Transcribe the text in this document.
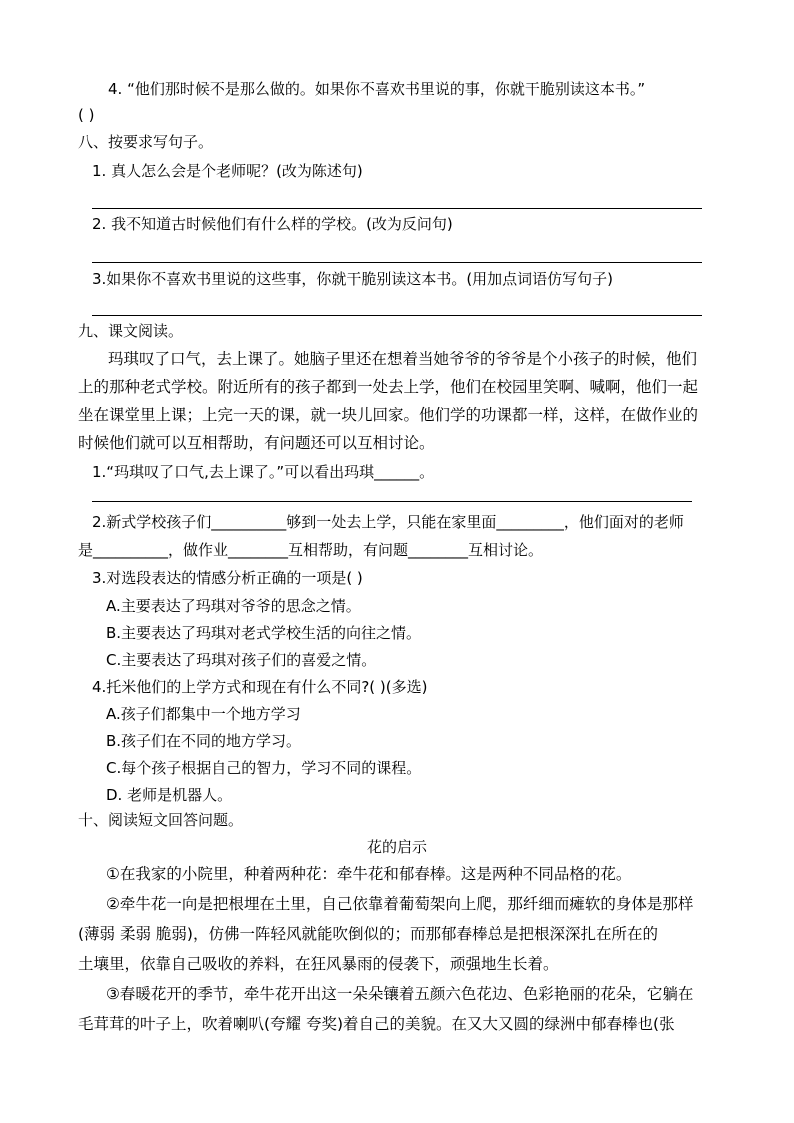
4. “他们那时候不是那么做的。如果你不喜欢书里说的事，你就干脆别读这本书。”
( )
八、按要求写句子。
1. 真人怎么会是个老师呢？(改为陈述句)
2. 我不知道古时候他们有什么样的学校。(改为反问句)
3.如果你不喜欢书里说的这些事，你就干脆别读这本书。(用加点词语仿写句子)
九、课文阅读。
玛琪叹了口气，去上课了。她脑子里还在想着当她爷爷的爷爷是个小孩子的时候，他们
上的那种老式学校。附近所有的孩子都到一处去上学，他们在校园里笑啊、喊啊，他们一起
坐在课堂里上课；上完一天的课，就一块儿回家。他们学的功课都一样，这样，在做作业的
时候他们就可以互相帮助，有问题还可以互相讨论。
1.“玛琪叹了口气,去上课了。”可以看出玛琪______。
2.新式学校孩子们__________够到一处去上学，只能在家里面_________，他们面对的老师
是__________，做作业________互相帮助，有问题________互相讨论。
3.对选段表达的情感分析正确的一项是( )
A.主要表达了玛琪对爷爷的思念之情。
B.主要表达了玛琪对老式学校生活的向往之情。
C.主要表达了玛琪对孩子们的喜爱之情。
4.托米他们的上学方式和现在有什么不同?( )(多选)
A.孩子们都集中一个地方学习
B.孩子们在不同的地方学习。
C.每个孩子根据自己的智力，学习不同的课程。
D. 老师是机器人。
十、阅读短文回答问题。
花的启示
①在我家的小院里，种着两种花：牵牛花和郁春棒。这是两种不同品格的花。
②牵牛花一向是把根埋在土里，自己依靠着葡萄架向上爬，那纤细而瘫软的身体是那样
(薄弱 柔弱 脆弱)，仿佛一阵轻风就能吹倒似的；而那郁春棒总是把根深深扎在所在的
土壤里，依靠自己吸收的养料，在狂风暴雨的侵袭下，顽强地生长着。
③春暖花开的季节，牵牛花开出这一朵朵镶着五颜六色花边、色彩艳丽的花朵，它躺在
毛茸茸的叶子上，吹着喇叭(夸耀 夸奖)着自己的美貌。在又大又圆的绿洲中郁春棒也(张
